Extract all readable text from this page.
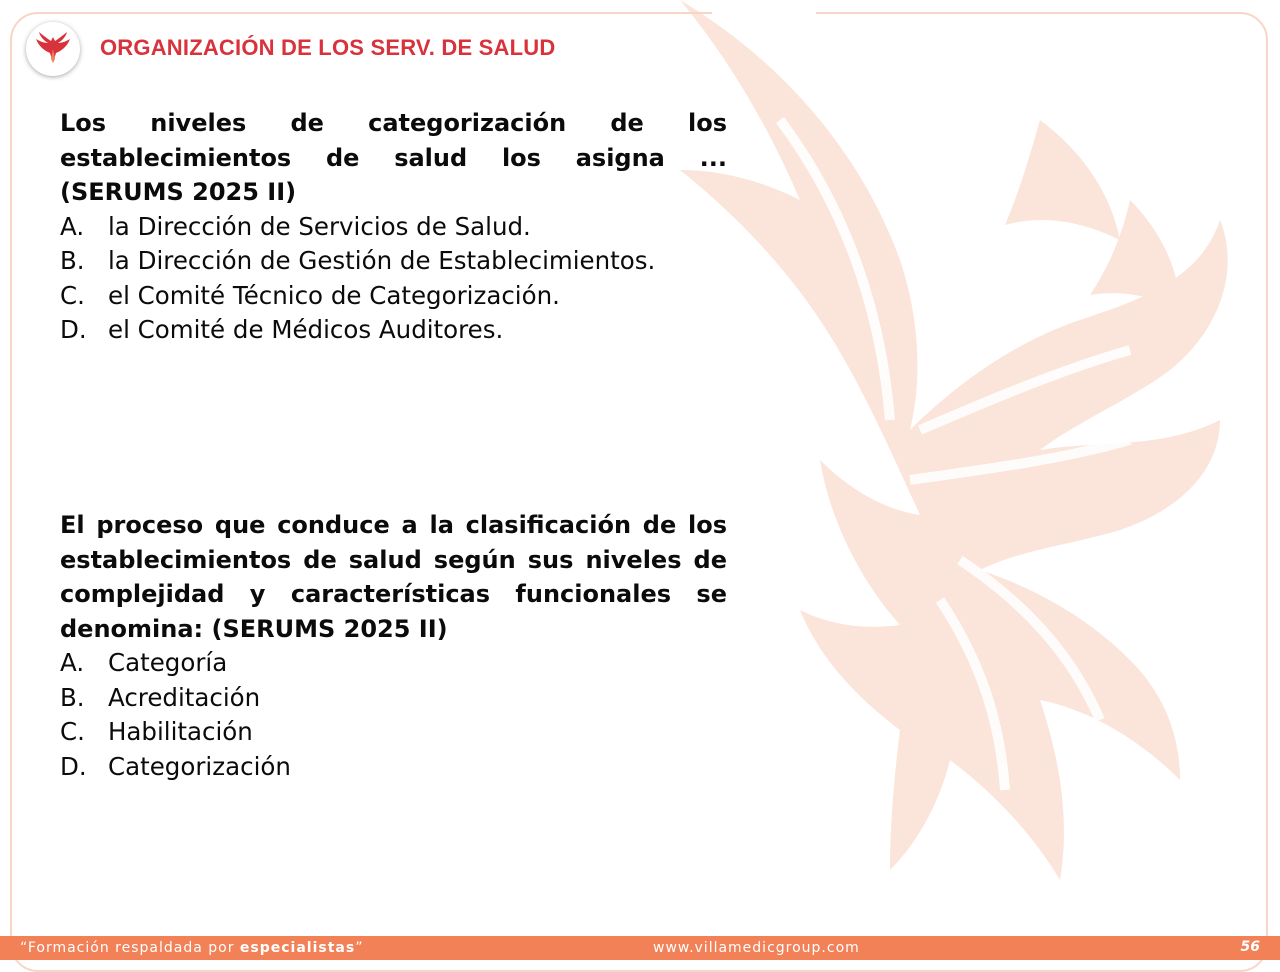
ORGANIZACIÓN DE LOS SERV. DE SALUD

Los niveles de categorización de los establecimientos de salud los asigna ... (SERUMS 2025 II)

A. la Dirección de Servicios de Salud.
B. la Dirección de Gestión de Establecimientos.
C. el Comité Técnico de Categorización.
D. el Comité de Médicos Auditores.

El proceso que conduce a la clasificación de los establecimientos de salud según sus niveles de complejidad y características funcionales se denomina: (SERUMS 2025 II)

A. Categoría
B. Acreditación
C. Habilitación
D. Categorización
“Formación respaldada por especialistas”	www.villamedicgroup.com	56
